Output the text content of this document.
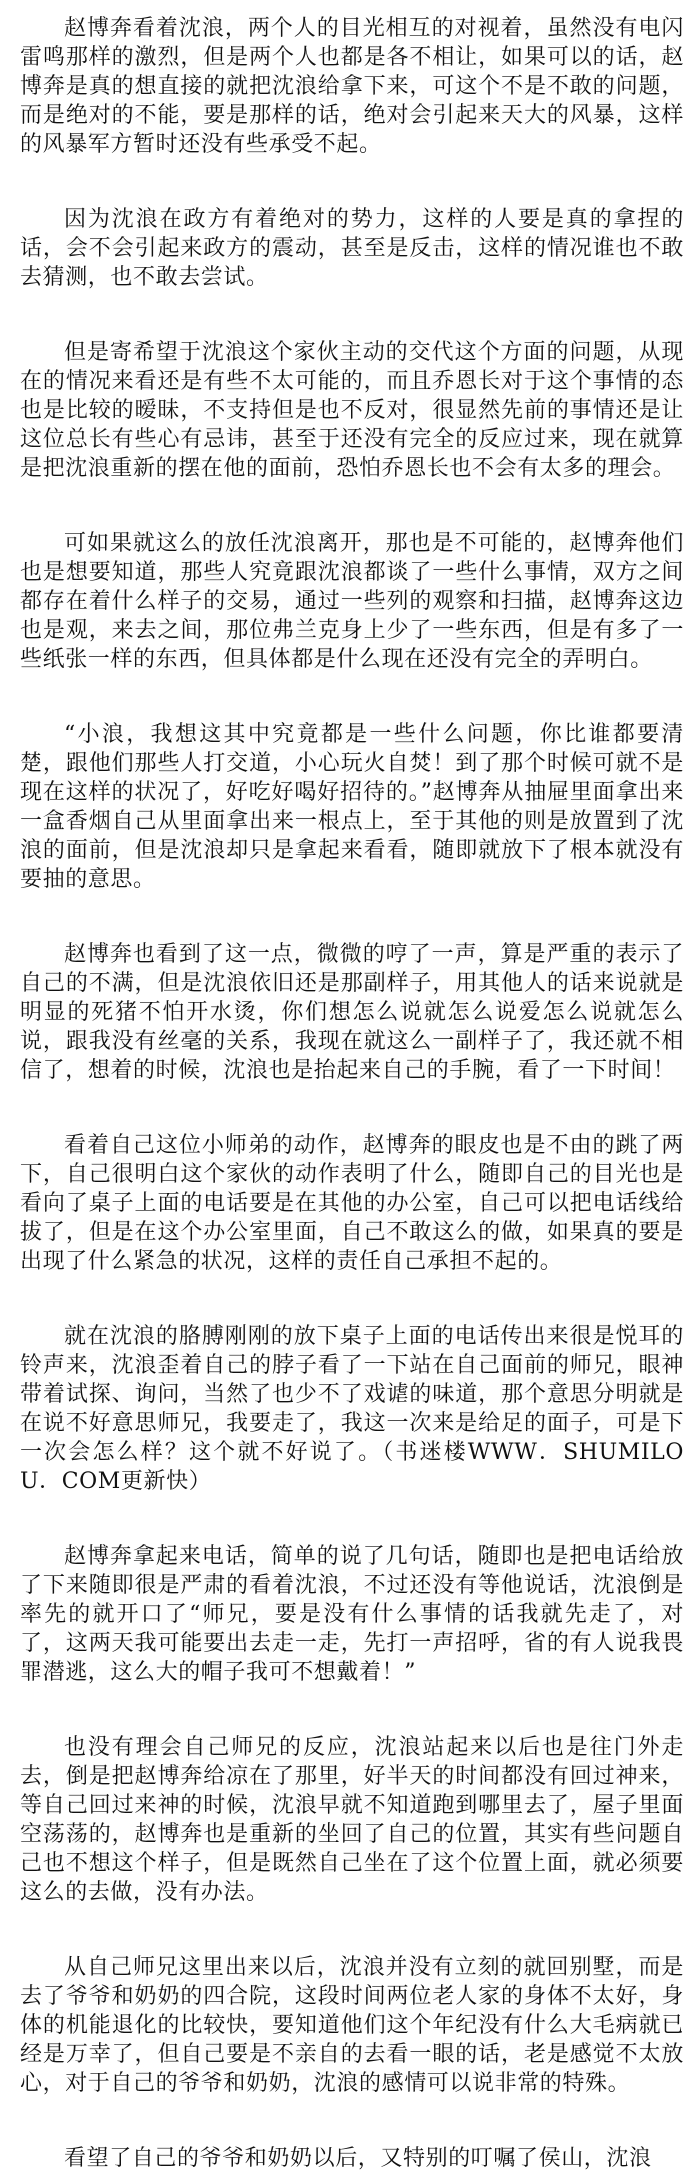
赵博奔看着沈浪，两个人的目光相互的对视着，虽然没有电闪雷鸣那样的激烈，但是两个人也都是各不相让，如果可以的话，赵博奔是真的想直接的就把沈浪给拿下来，可这个不是不敢的问题，而是绝对的不能，要是那样的话，绝对会引起来天大的风暴，这样的风暴军方暂时还没有些承受不起。

因为沈浪在政方有着绝对的势力，这样的人要是真的拿捏的话，会不会引起来政方的震动，甚至是反击，这样的情况谁也不敢去猜测，也不敢去尝试。

但是寄希望于沈浪这个家伙主动的交代这个方面的问题，从现在的情况来看还是有些不太可能的，而且乔恩长对于这个事情的态也是比较的暧昧，不支持但是也不反对，很显然先前的事情还是让这位总长有些心有忌讳，甚至于还没有完全的反应过来，现在就算是把沈浪重新的摆在他的面前，恐怕乔恩长也不会有太多的理会。

可如果就这么的放任沈浪离开，那也是不可能的，赵博奔他们也是想要知道，那些人究竟跟沈浪都谈了一些什么事情，双方之间都存在着什么样子的交易，通过一些列的观察和扫描，赵博奔这边也是观，来去之间，那位弗兰克身上少了一些东西，但是有多了一些纸张一样的东西，但具体都是什么现在还没有完全的弄明白。

“小浪，我想这其中究竟都是一些什么问题，你比谁都要清楚，跟他们那些人打交道，小心玩火自焚！到了那个时候可就不是现在这样的状况了，好吃好喝好招待的。”赵博奔从抽屉里面拿出来一盒香烟自己从里面拿出来一根点上，至于其他的则是放置到了沈浪的面前，但是沈浪却只是拿起来看看，随即就放下了根本就没有要抽的意思。

赵博奔也看到了这一点，微微的哼了一声，算是严重的表示了自己的不满，但是沈浪依旧还是那副样子，用其他人的话来说就是明显的死猪不怕开水烫，你们想怎么说就怎么说爱怎么说就怎么说，跟我没有丝毫的关系，我现在就这么一副样子了，我还就不相信了，想着的时候，沈浪也是抬起来自己的手腕，看了一下时间！

看着自己这位小师弟的动作，赵博奔的眼皮也是不由的跳了两下，自己很明白这个家伙的动作表明了什么，随即自己的目光也是看向了桌子上面的电话要是在其他的办公室，自己可以把电话线给拔了，但是在这个办公室里面，自己不敢这么的做，如果真的要是出现了什么紧急的状况，这样的责任自己承担不起的。

就在沈浪的胳膊刚刚的放下桌子上面的电话传出来很是悦耳的铃声来，沈浪歪着自己的脖子看了一下站在自己面前的师兄，眼神带着试探、询问，当然了也少不了戏谑的味道，那个意思分明就是在说不好意思师兄，我要走了，我这一次来是给足的面子，可是下一次会怎么样？这个就不好说了。（书迷楼WWW．SHUMILOU．COM更新快）

赵博奔拿起来电话，简单的说了几句话，随即也是把电话给放了下来随即很是严肃的看着沈浪，不过还没有等他说话，沈浪倒是率先的就开口了“师兄，要是没有什么事情的话我就先走了，对了，这两天我可能要出去走一走，先打一声招呼，省的有人说我畏罪潜逃，这么大的帽子我可不想戴着！”

也没有理会自己师兄的反应，沈浪站起来以后也是往门外走去，倒是把赵博奔给凉在了那里，好半天的时间都没有回过神来，等自己回过来神的时候，沈浪早就不知道跑到哪里去了，屋子里面空荡荡的，赵博奔也是重新的坐回了自己的位置，其实有些问题自己也不想这个样子，但是既然自己坐在了这个位置上面，就必须要这么的去做，没有办法。

从自己师兄这里出来以后，沈浪并没有立刻的就回别墅，而是去了爷爷和奶奶的四合院，这段时间两位老人家的身体不太好，身体的机能退化的比较快，要知道他们这个年纪没有什么大毛病就已经是万幸了，但自己要是不亲自的去看一眼的话，老是感觉不太放心，对于自己的爷爷和奶奶，沈浪的感情可以说非常的特殊。

看望了自己的爷爷和奶奶以后，又特别的叮嘱了侯山，沈浪
